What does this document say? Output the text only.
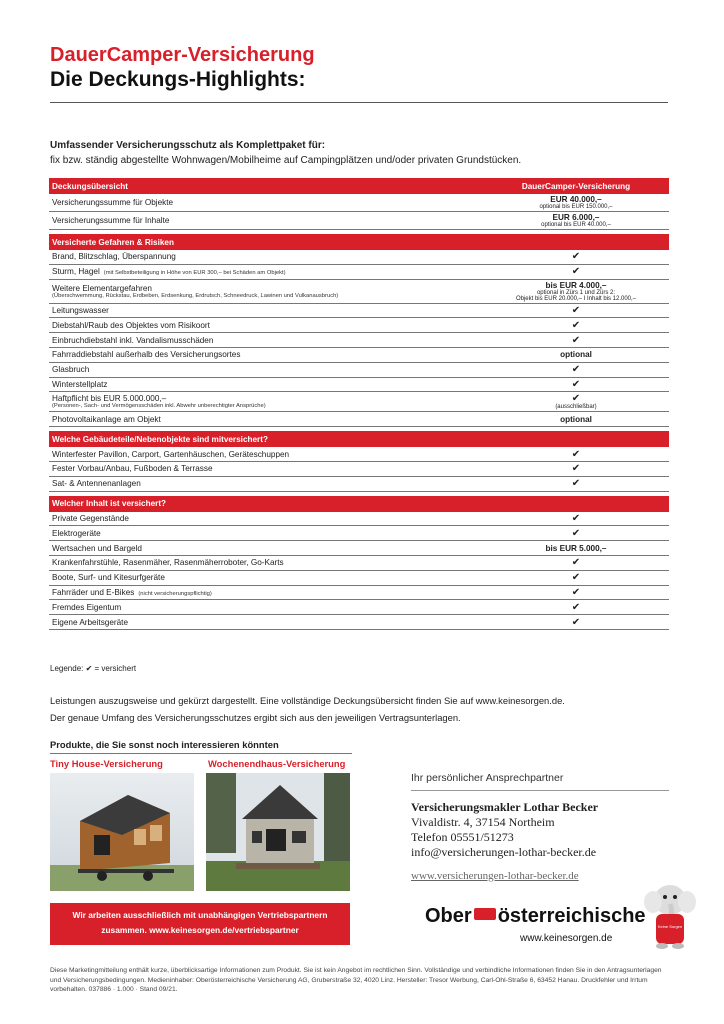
DauerCamper-Versicherung
Die Deckungs-Highlights:
Umfassender Versicherungsschutz als Komplettpaket für:
fix bzw. ständig abgestellte Wohnwagen/Mobilheime auf Campingplätzen und/oder privaten Grundstücken.
Deckungsübersicht	DauerCamper-Versicherung
Versicherungssumme für Objekte	EUR 40.000,–
optional bis EUR 150.000,–

Versicherungssumme für Inhalte	EUR 6.000,–
optional bis EUR 40.000,–

Versicherte Gefahren & Risiken	
Brand, Blitzschlag, Überspannung	✔
Sturm, Hagel (mit Selbstbeteiligung in Höhe von EUR 300,– bei Schäden am Objekt)	✔
Weitere Elementargefahren
(Überschwemmung, Rückstau, Erdbeben, Erdsenkung, Erdrutsch, Schneedruck, Lawinen und Vulkanausbruch)	bis EUR 4.000,–
optional in Zürs 1 und Zürs 2:
Objekt bis EUR 20.000,– I Inhalt bis 12.000,–

Leitungswasser	✔
Diebstahl/Raub des Objektes vom Risikoort	✔
Einbruchdiebstahl inkl. Vandalismusschäden	✔
Fahrraddiebstahl außerhalb des Versicherungsortes	optional
Glasbruch	✔
Winterstellplatz	✔
Haftpflicht bis EUR 5.000.000,–
(Personen-, Sach- und Vermögensschäden inkl. Abwehr unberechtigter Ansprüche)	✔
(ausschließbar)

Photovoltaikanlage am Objekt	optional

Welche Gebäudeteile/Nebenobjekte sind mitversichert?	
Winterfester Pavillon, Carport, Gartenhäuschen, Geräteschuppen	✔
Fester Vorbau/Anbau, Fußboden & Terrasse	✔
Sat- & Antennenanlagen	✔

Welcher Inhalt ist versichert?	
Private Gegenstände	✔
Elektrogeräte	✔
Wertsachen und Bargeld	bis EUR 5.000,–
Krankenfahrstühle, Rasenmäher, Rasenmäherroboter, Go-Karts	✔
Boote, Surf- und Kitesurfgeräte	✔
Fahrräder und E-Bikes (nicht versicherungspflichtig)	✔
Fremdes Eigentum	✔
Eigene Arbeitsgeräte	✔
Legende: ✔ = versichert
Leistungen auszugsweise und gekürzt dargestellt. Eine vollständige Deckungsübersicht finden Sie auf www.keinesorgen.de.
Der genaue Umfang des Versicherungsschutzes ergibt sich aus den jeweiligen Vertragsunterlagen.
Produkte, die Sie sonst noch interessieren könnten
Tiny House-Versicherung	Wochenendhaus-Versicherung
Wir arbeiten ausschließlich mit unabhängigen Vertriebspartnern
zusammen. www.keinesorgen.de/vertriebspartner
Ihr persönlicher Ansprechpartner
Versicherungsmakler Lothar Becker
Vivaldistr. 4, 37154 Northeim
Telefon 05551/51273
info@versicherungen-lothar-becker.de
www.versicherungen-lothar-becker.de
Ober österreichische
www.keinesorgen.de
Keine Sorgen
Diese Marketingmitteilung enthält kurze, überblicksartige Informationen zum Produkt. Sie ist kein Angebot im rechtlichen Sinn. Vollständige und verbindliche Informationen finden Sie in den Antragsunterlagen und Versicherungsbedingungen. Medieninhaber: Oberösterreichische Versicherung AG, Gruberstraße 32, 4020 Linz. Hersteller: Tresor Werbung, Carl-Ohl-Straße 6, 63452 Hanau. Druckfehler und Irrtum vorbehalten. 037886 · 1.000 · Stand 09/21.
